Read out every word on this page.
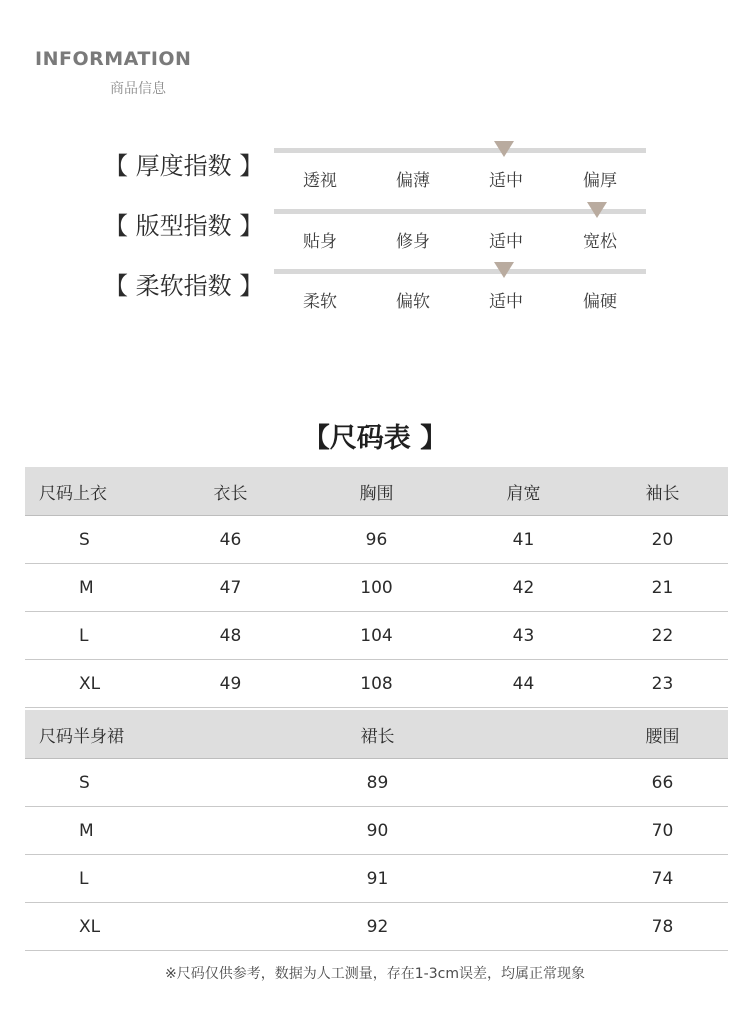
INFORMATION
商品信息
【 厚度指数 】
透视	偏薄	适中	偏厚
【 版型指数 】
贴身	修身	适中	宽松
【 柔软指数 】
柔软	偏软	适中	偏硬
【尺码表 】
尺码上衣	衣长	胸围	肩宽	袖长
S	46	96	41	20
M	47	100	42	21
L	48	104	43	22
XL	49	108	44	23
尺码半身裙	裙长	腰围
S	89	66
M	90	70
L	91	74
XL	92	78
※尺码仅供参考，数据为人工测量，存在1-3cm误差，均属正常现象
